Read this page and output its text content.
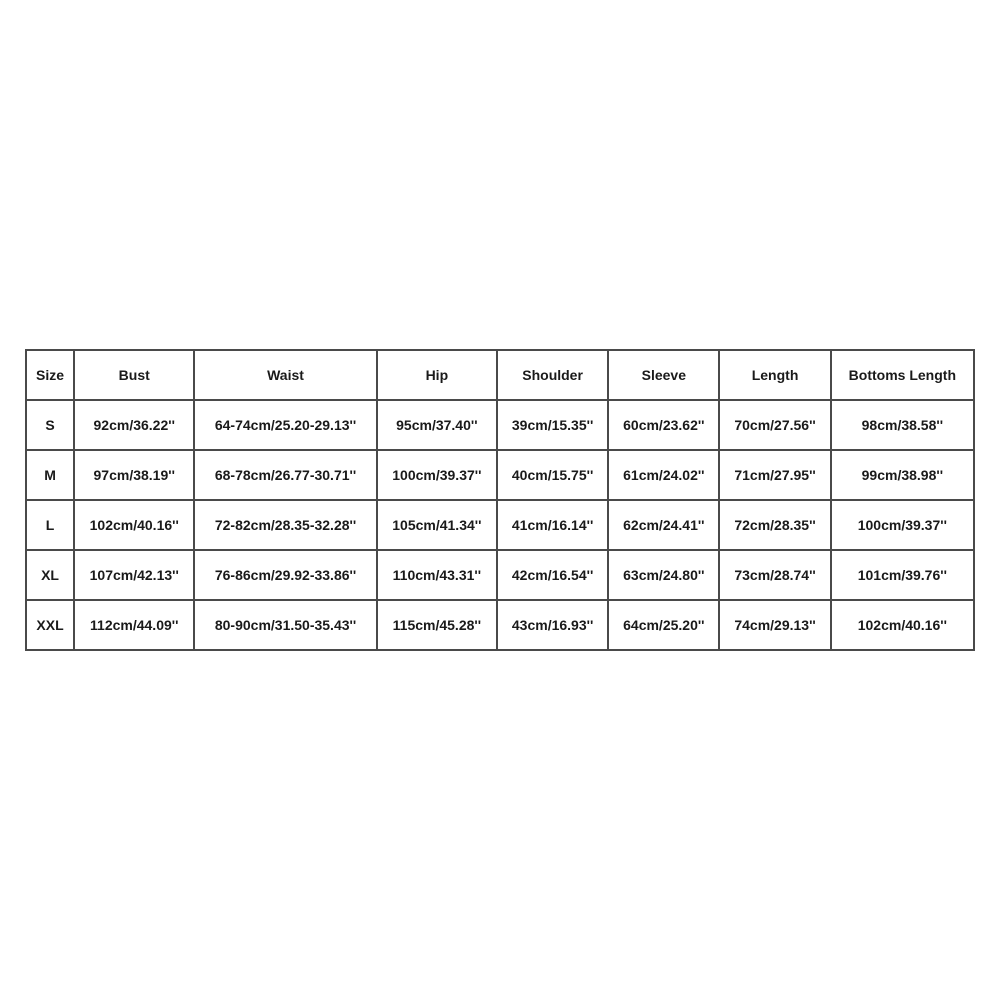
Size	Bust	Waist	Hip	Shoulder	Sleeve	Length	Bottoms Length
S	92cm/36.22''	64-74cm/25.20-29.13''	95cm/37.40''	39cm/15.35''	60cm/23.62''	70cm/27.56''	98cm/38.58''
M	97cm/38.19''	68-78cm/26.77-30.71''	100cm/39.37''	40cm/15.75''	61cm/24.02''	71cm/27.95''	99cm/38.98''
L	102cm/40.16''	72-82cm/28.35-32.28''	105cm/41.34''	41cm/16.14''	62cm/24.41''	72cm/28.35''	100cm/39.37''
XL	107cm/42.13''	76-86cm/29.92-33.86''	110cm/43.31''	42cm/16.54''	63cm/24.80''	73cm/28.74''	101cm/39.76''
XXL	112cm/44.09''	80-90cm/31.50-35.43''	115cm/45.28''	43cm/16.93''	64cm/25.20''	74cm/29.13''	102cm/40.16''
